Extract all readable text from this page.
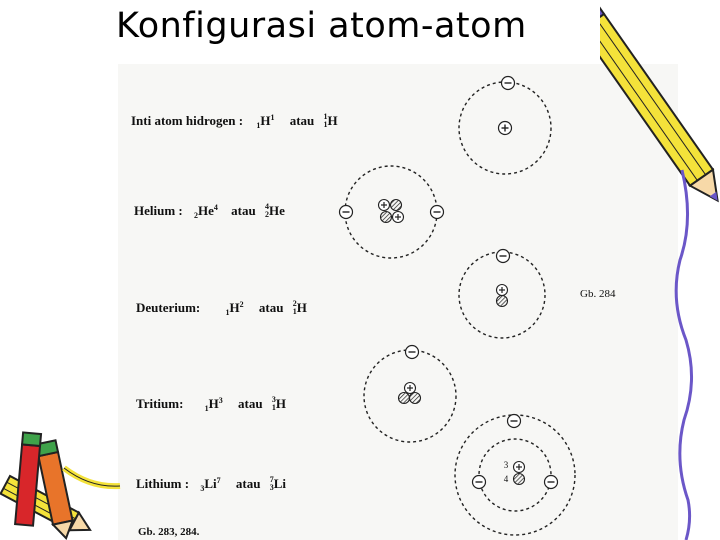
Konfigurasi atom-atom
Inti atom hidrogen : $_1H^1$ atau 1
1H
Helium : $_2He^4$ atau 4
2He
Deuterium:	$_1H^2$ atau 2
1H
Tritium:	$_1H^3$ atau 3
1H
Lithium : $_3Li^7$ atau 7
3Li
Gb. 284
Gb. 283, 284.
3
4
